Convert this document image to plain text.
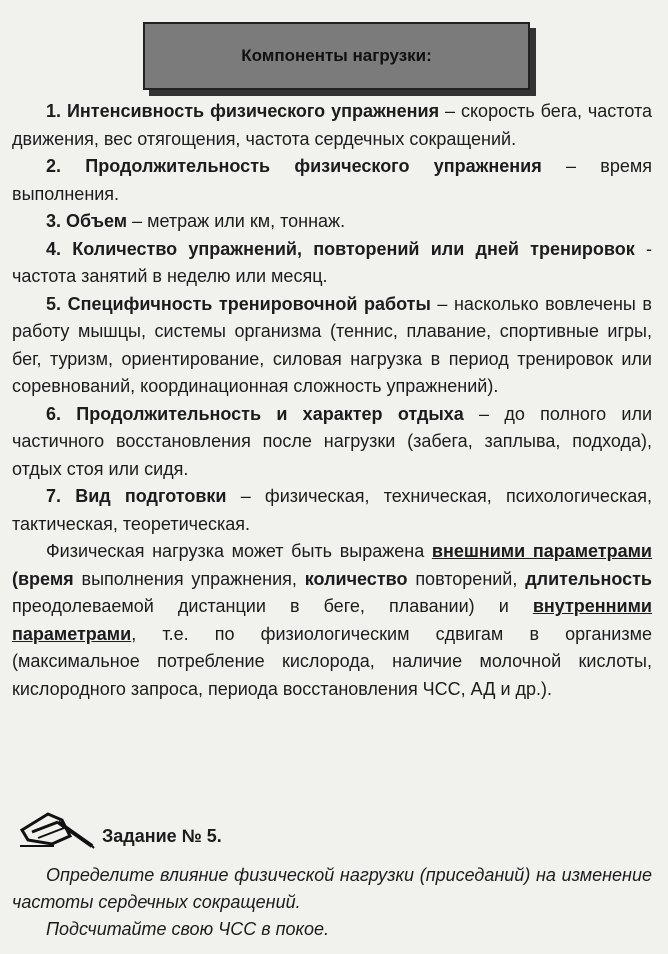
Компоненты нагрузки:

1. Интенсивность физического упражнения – скорость бега, частота движения, вес отягощения, частота сердечных сокращений.

2. Продолжительность физического упражнения – время выполнения.

3. Объем – метраж или км, тоннаж.

4. Количество упражнений, повторений или дней тренировок - частота занятий в неделю или месяц.

5. Специфичность тренировочной работы – насколько вовлечены в работу мышцы, системы организма (теннис, плавание, спортивные игры, бег, туризм, ориентирование, силовая нагрузка в период тренировок или соревнований, координационная сложность упражнений).

6. Продолжительность и характер отдыха – до полного или частичного восстановления после нагрузки (забега, заплыва, подхода), отдых стоя или сидя.

7. Вид подготовки – физическая, техническая, психологическая, тактическая, теоретическая.

Физическая нагрузка может быть выражена внешними параметрами (время выполнения упражнения, количество повторений, длительность преодолеваемой дистанции в беге, плавании) и внутренними параметрами, т.е. по физиологическим сдвигам в организме (максимальное потребление кислорода, наличие молочной кислоты, кислородного запроса, периода восстановления ЧСС, АД и др.).

Задание № 5.

Определите влияние физической нагрузки (приседаний) на изменение частоты сердечных сокращений.

Подсчитайте свою ЧСС в покое.
